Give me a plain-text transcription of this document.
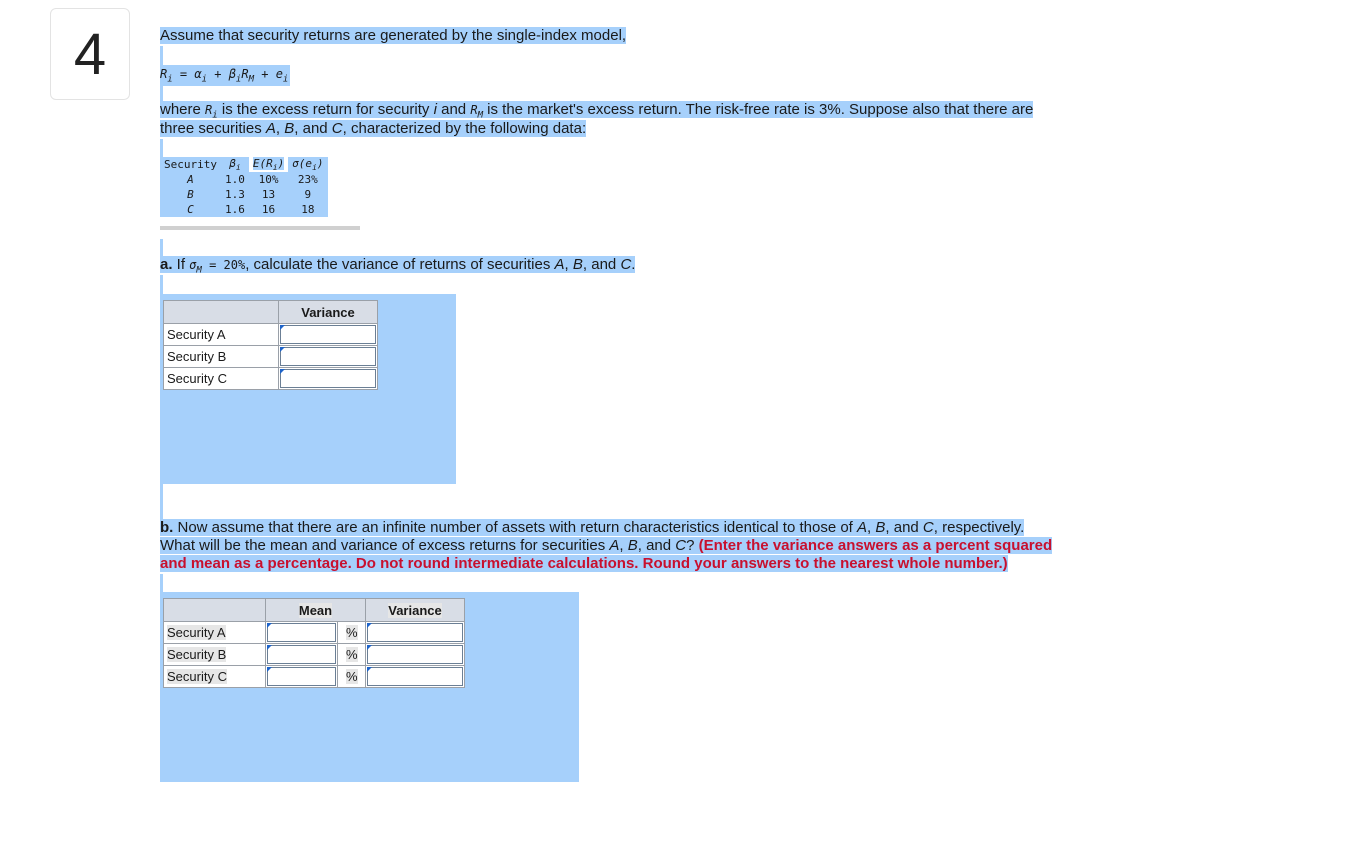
4	Assume that security returns are generated by the single-index model,
$R_i = \alpha_i + \beta_iR_M + e_i$
where $R_i$ is the excess return for security i and $R_M$ is the market's excess return. The risk-free rate is 3%. Suppose also that there are
three securities A, B, and C, characterized by the following data:
Security	$\beta_i$	$E(R_i)$	$\sigma(e_i)$
A	1.0	10%	23%
B	1.3	13	9
C	1.6	16	18
a. If $\sigma_M = 20\%$, calculate the variance of returns of securities A, B, and C.
	Variance
Security A	

Security B	

Security C	
b. Now assume that there are an infinite number of assets with return characteristics identical to those of A, B, and C, respectively.
What will be the mean and variance of excess returns for securities A, B, and C? (Enter the variance answers as a percent squared
and mean as a percentage. Do not round intermediate calculations. Round your answers to the nearest whole number.)
	Mean		Variance
Security A		%	

Security B		%	

Security C		%	
